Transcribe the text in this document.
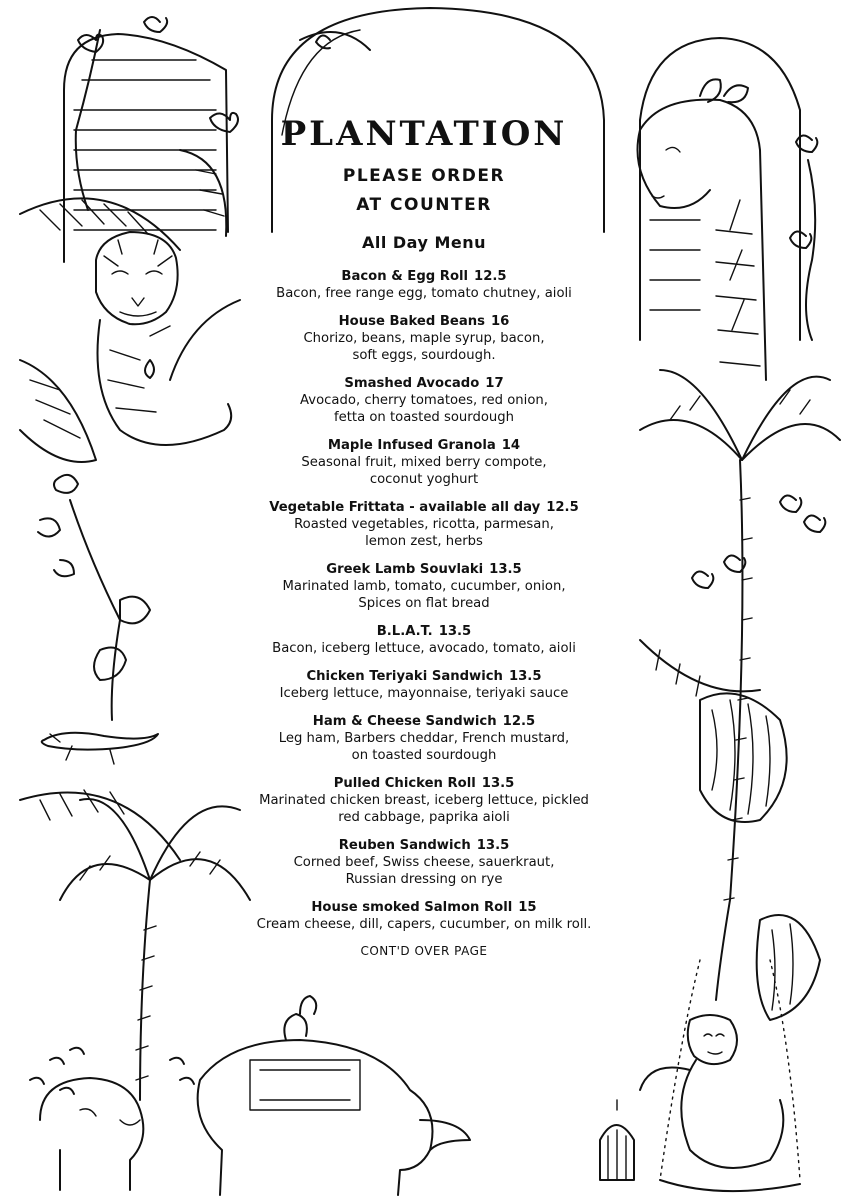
PLANTATION
PLEASE ORDER
AT COUNTER
All Day Menu
Bacon & Egg Roll 12.5
Bacon, free range egg, tomato chutney, aioli
House Baked Beans 16
Chorizo, beans, maple syrup, bacon,
soft eggs, sourdough.
Smashed Avocado 17
Avocado, cherry tomatoes, red onion,
fetta on toasted sourdough
Maple Infused Granola 14
Seasonal fruit, mixed berry compote,
coconut yoghurt
Vegetable Frittata - available all day 12.5
Roasted vegetables, ricotta, parmesan,
lemon zest, herbs
Greek Lamb Souvlaki 13.5
Marinated lamb, tomato, cucumber, onion,
Spices on flat bread
B.L.A.T. 13.5
Bacon, iceberg lettuce, avocado, tomato, aioli
Chicken Teriyaki Sandwich 13.5
Iceberg lettuce, mayonnaise, teriyaki sauce
Ham & Cheese Sandwich 12.5
Leg ham, Barbers cheddar, French mustard,
on toasted sourdough
Pulled Chicken Roll 13.5
Marinated chicken breast, iceberg lettuce, pickled
red cabbage, paprika aioli
Reuben Sandwich 13.5
Corned beef, Swiss cheese, sauerkraut,
Russian dressing on rye
House smoked Salmon Roll 15
Cream cheese, dill, capers, cucumber, on milk roll.
CONT'D OVER PAGE
